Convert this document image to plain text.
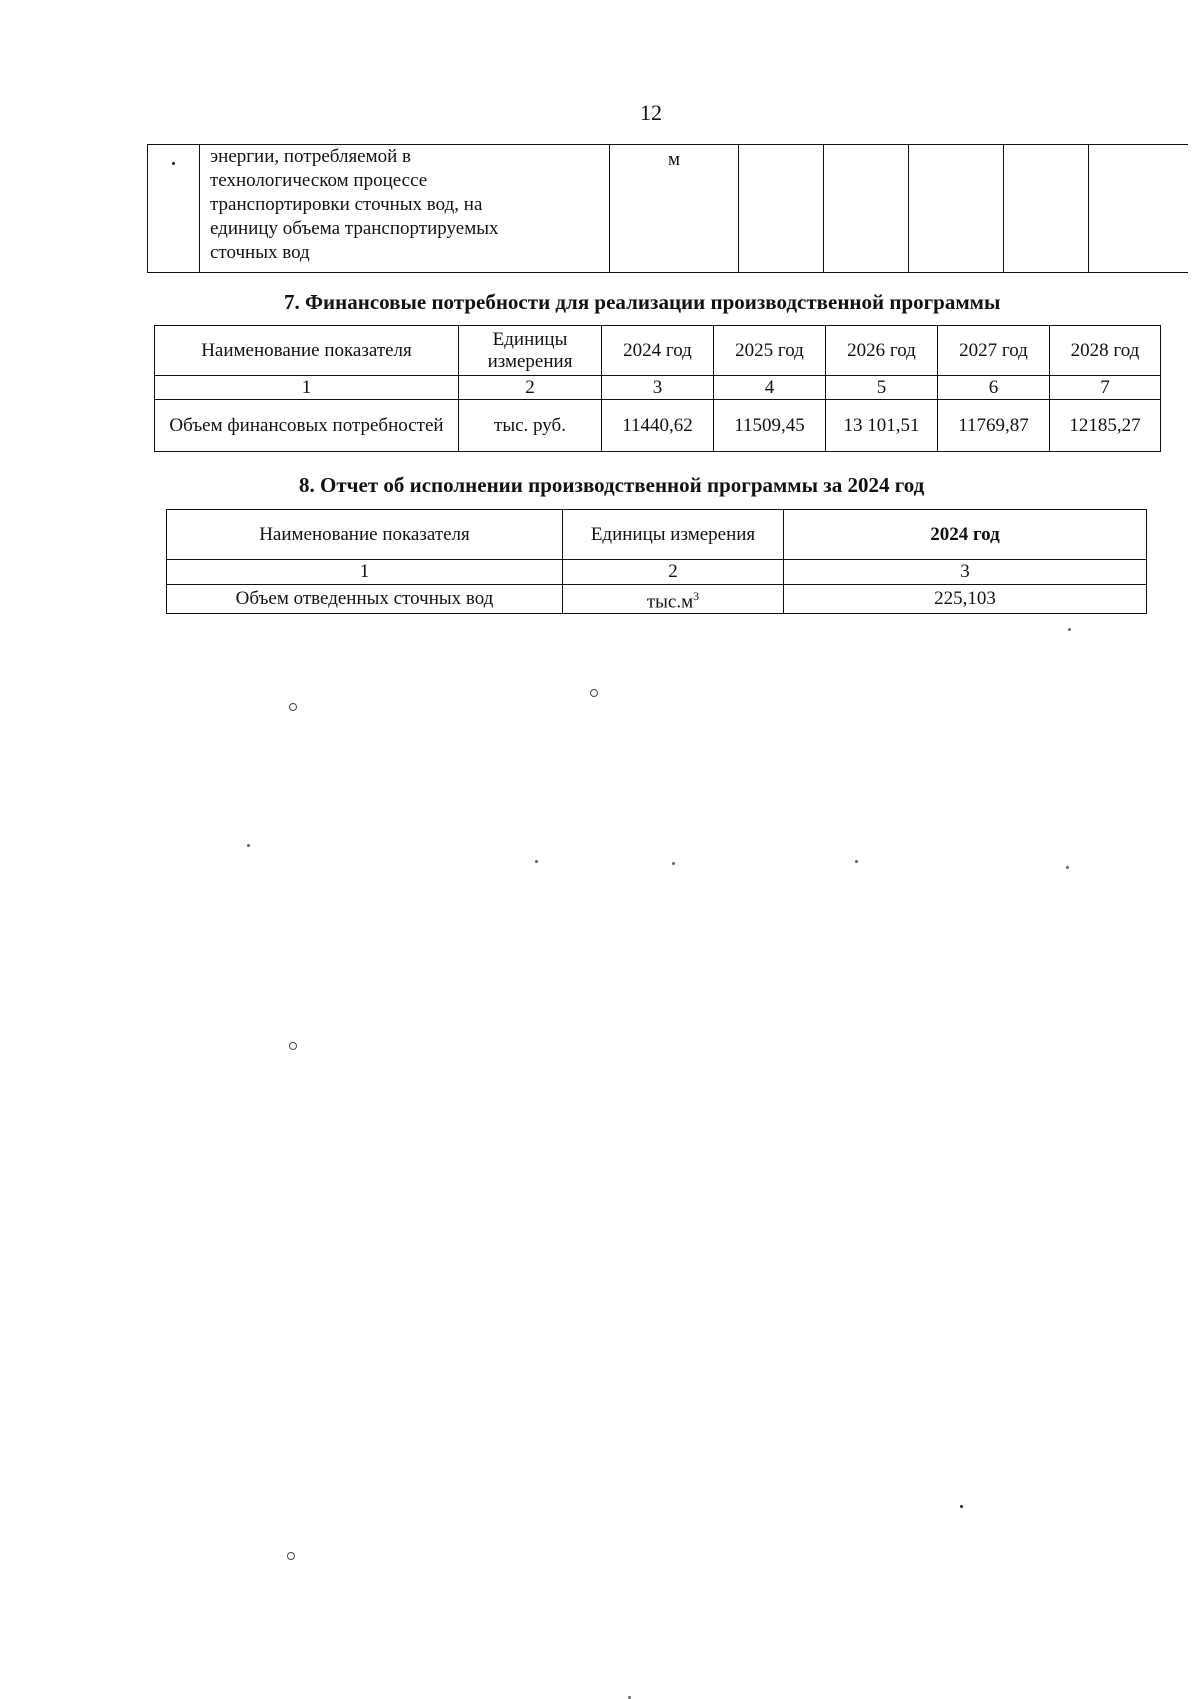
12
.	энергии, потребляемой в
технологическом процессе
транспортировки сточных вод, на
единицу объема транспортируемых
сточных вод
	м					
7. Финансовые потребности для реализации производственной программы
Наименование показателя	Единицы измерения	2024 год	2025 год	2026 год	2027 год	2028 год
1	2	3	4	5	6	7
Объем финансовых потребностей	тыс. руб.	11440,62	11509,45	13 101,51	11769,87	12185,27
8. Отчет об исполнении производственной программы за 2024 год
Наименование показателя	Единицы измерения	2024 год
1	2	3
Объем отведенных сточных вод	$тыс.м^3$	225,103
